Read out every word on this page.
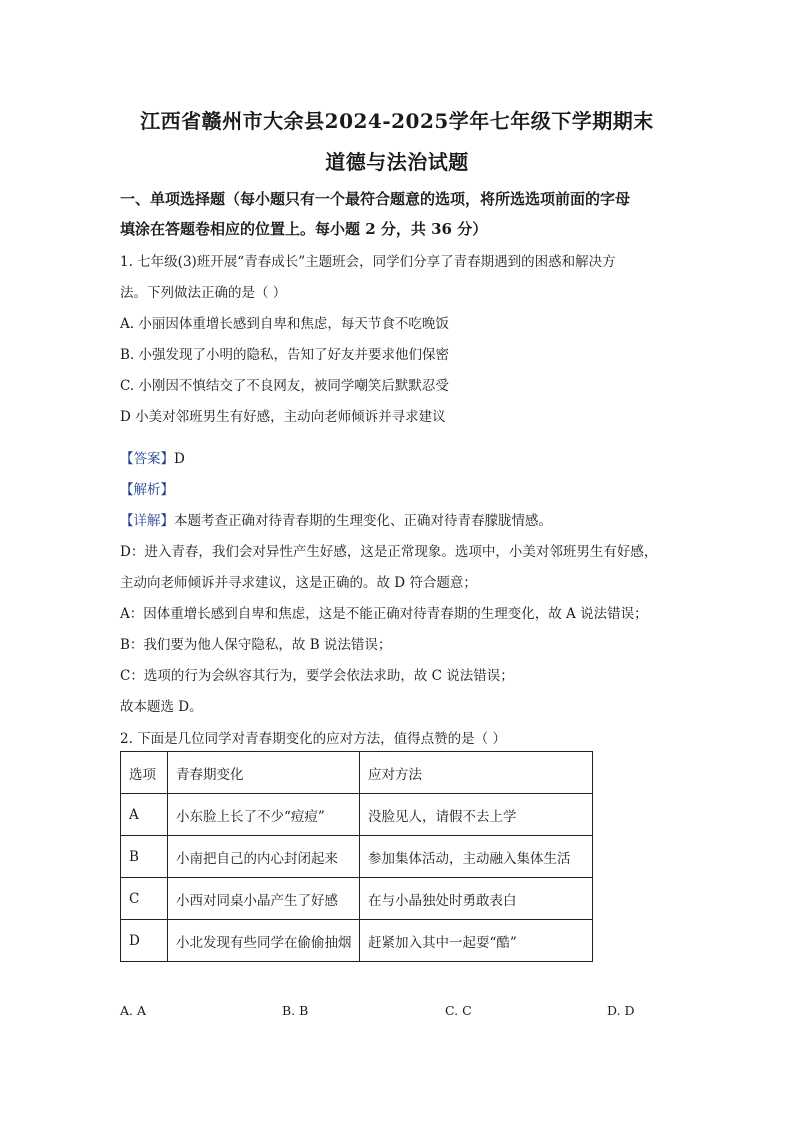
江西省赣州市大余县2024-2025学年七年级下学期期末
道德与法治试题
一、单项选择题（每小题只有一个最符合题意的选项，将所选选项前面的字母
填涂在答题卷相应的位置上。每小题 2 分，共 36 分）
1. 七年级(3)班开展“青春成长”主题班会，同学们分享了青春期遇到的困惑和解决方
法。下列做法正确的是（ ）
A. 小丽因体重增长感到自卑和焦虑，每天节食不吃晚饭
B. 小强发现了小明的隐私，告知了好友并要求他们保密
C. 小刚因不慎结交了不良网友，被同学嘲笑后默默忍受
D 小美对邻班男生有好感，主动向老师倾诉并寻求建议
【答案】D
【解析】
【详解】本题考查正确对待青春期的生理变化、正确对待青春朦胧情感。
D：进入青春，我们会对异性产生好感，这是正常现象。选项中，小美对邻班男生有好感，
主动向老师倾诉并寻求建议，这是正确的。故 D 符合题意；
A：因体重增长感到自卑和焦虑，这是不能正确对待青春期的生理变化，故 A 说法错误；
B：我们要为他人保守隐私，故 B 说法错误；
C：选项的行为会纵容其行为，要学会依法求助，故 C 说法错误；
故本题选 D。
2. 下面是几位同学对青春期变化的应对方法，值得点赞的是（ ）
选项	青春期变化	应对方法
A	小东脸上长了不少“痘痘”	没脸见人，请假不去上学
B	小南把自己的内心封闭起来	参加集体活动，主动融入集体生活
C	小西对同桌小晶产生了好感	在与小晶独处时勇敢表白
D	小北发现有些同学在偷偷抽烟	赶紧加入其中一起耍“酷”
A. A	B. B	C. C	D. D
